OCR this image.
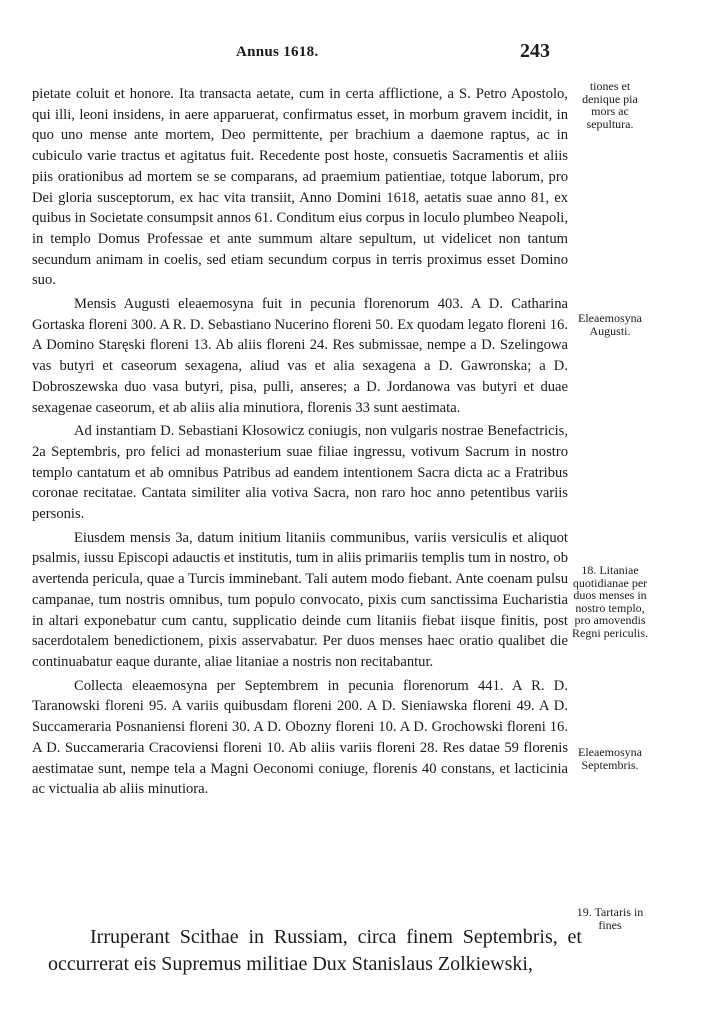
Annus 1618.	243

pietate coluit et honore. Ita transacta aetate, cum in certa afflictione, a S. Petro Apostolo, qui illi, leoni insidens, in aere apparuerat, confirmatus esset, in morbum gravem incidit, in quo uno mense ante mortem, Deo permittente, per brachium a daemone raptus, ac in cubiculo varie tractus et agitatus fuit. Recedente post hoste, consuetis Sacramentis et aliis piis orationibus ad mortem se se comparans, ad praemium patientiae, totque laborum, pro Dei gloria susceptorum, ex hac vita transiit, Anno Domini 1618, aetatis suae anno 81, ex quibus in Societate consumpsit annos 61. Conditum eius corpus in loculo plumbeo Neapoli, in templo Domus Professae et ante summum altare sepultum, ut videlicet non tantum secundum animam in coelis, sed etiam secundum corpus in terris proximus esset Domino suo.

Mensis Augusti eleaemosyna fuit in pecunia florenorum 403. A D. Catharina Gortaska floreni 300. A R. D. Sebastiano Nucerino floreni 50. Ex quodam legato floreni 16. A Domino Staręski floreni 13. Ab aliis floreni 24. Res submissae, nempe a D. Szelingowa vas butyri et caseorum sexagena, aliud vas et alia sexagena a D. Gawronska; a D. Dobroszewska duo vasa butyri, pisa, pulli, anseres; a D. Jordanowa vas butyri et duae sexagenae caseorum, et ab aliis alia minutiora, florenis 33 sunt aestimata.

Ad instantiam D. Sebastiani Kłosowicz coniugis, non vulgaris nostrae Benefactricis, 2a Septembris, pro felici ad monasterium suae filiae ingressu, votivum Sacrum in nostro templo cantatum et ab omnibus Patribus ad eandem intentionem Sacra dicta ac a Fratribus coronae recitatae. Cantata similiter alia votiva Sacra, non raro hoc anno petentibus variis personis.

Eiusdem mensis 3a, datum initium litaniis communibus, variis versiculis et aliquot psalmis, iussu Episcopi adauctis et institutis, tum in aliis primariis templis tum in nostro, ob avertenda pericula, quae a Turcis imminebant. Tali autem modo fiebant. Ante coenam pulsu campanae, tum nostris omnibus, tum populo convocato, pixis cum sanctissima Eucharistia in altari exponebatur cum cantu, supplicatio deinde cum litaniis fiebat iisque finitis, post sacerdotalem benedictionem, pixis asservabatur. Per duos menses haec oratio qualibet die continuabatur eaque durante, aliae litaniae a nostris non recitabantur.

Collecta eleaemosyna per Septembrem in pecunia florenorum 441. A R. D. Taranowski floreni 95. A variis quibusdam floreni 200. A D. Sieniawska floreni 49. A D. Succameraria Posnaniensi floreni 30. A D. Obozny floreni 10. A D. Grochowski floreni 16. A D. Succameraria Cracoviensi floreni 10. Ab aliis variis floreni 28. Res datae 59 florenis aestimatae sunt, nempe tela a Magni Oeconomi coniuge, florenis 40 constans, et lacticinia ac victualia ab aliis minutiora.

Irruperant Scithae in Russiam, circa finem Septembris, et occurrerat eis Supremus militiae Dux Stanislaus Zolkiewski,

tiones et denique pia mors ac sepultura.
Eleaemosyna Augusti.
18. Litaniae quotidianae per duos menses in nostro templo, pro amovendis Regni periculis.
Eleaemosyna Septembris.
19. Tartaris in fines
